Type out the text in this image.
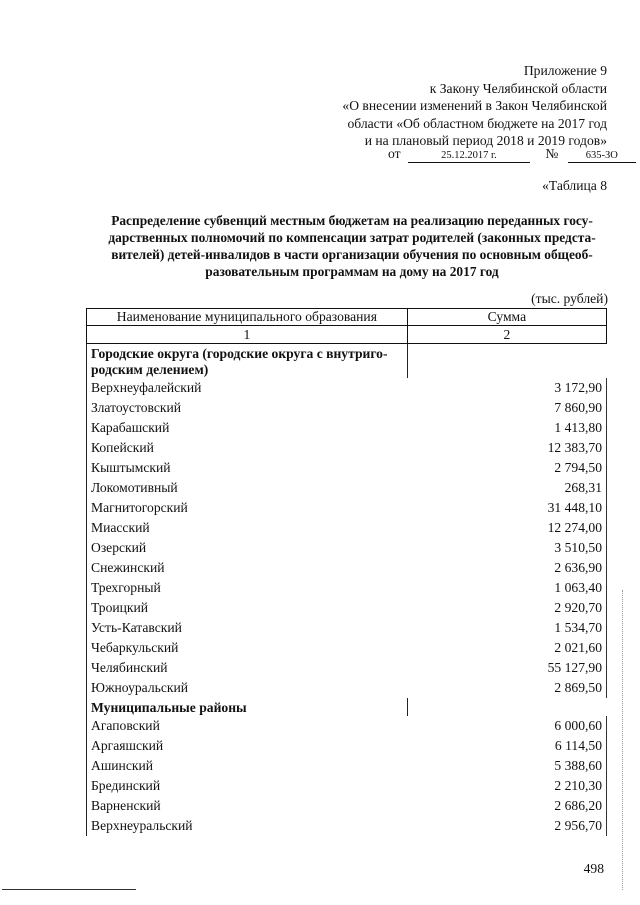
Приложение 9
к Закону Челябинской области
«О внесении изменений в Закон Челябинской
области «Об областном бюджете на 2017 год
и на плановый период 2018 и 2019 годов»
от	25.12.2017 г.	№	635-ЗО
«Таблица 8
Распределение субвенций местным бюджетам на реализацию переданных госу-
дарственных полномочий по компенсации затрат родителей (законных предста-
вителей) детей-инвалидов в части организации обучения по основным общеоб-
разовательным программам на дому на 2017 год
(тыс. рублей)
Наименование муниципального образования	Сумма
1	2

Городские округа (городские округа с внутриго-
родским делением)	

Верхнеуфалейский	3 172,90
Златоустовский	7 860,90
Карабашский	1 413,80
Копейский	12 383,70
Кыштымский	2 794,50
Локомотивный	268,31
Магнитогорский	31 448,10
Миасский	12 274,00
Озерский	3 510,50
Снежинский	2 636,90
Трехгорный	1 063,40
Троицкий	2 920,70
Усть-Катавский	1 534,70
Чебаркульский	2 021,60
Челябинский	55 127,90
Южноуральский	2 869,50

Муниципальные районы	

Агаповский	6 000,60
Аргаяшский	6 114,50
Ашинский	5 388,60
Брединский	2 210,30
Варненский	2 686,20
Верхнеуральский	2 956,70
498
